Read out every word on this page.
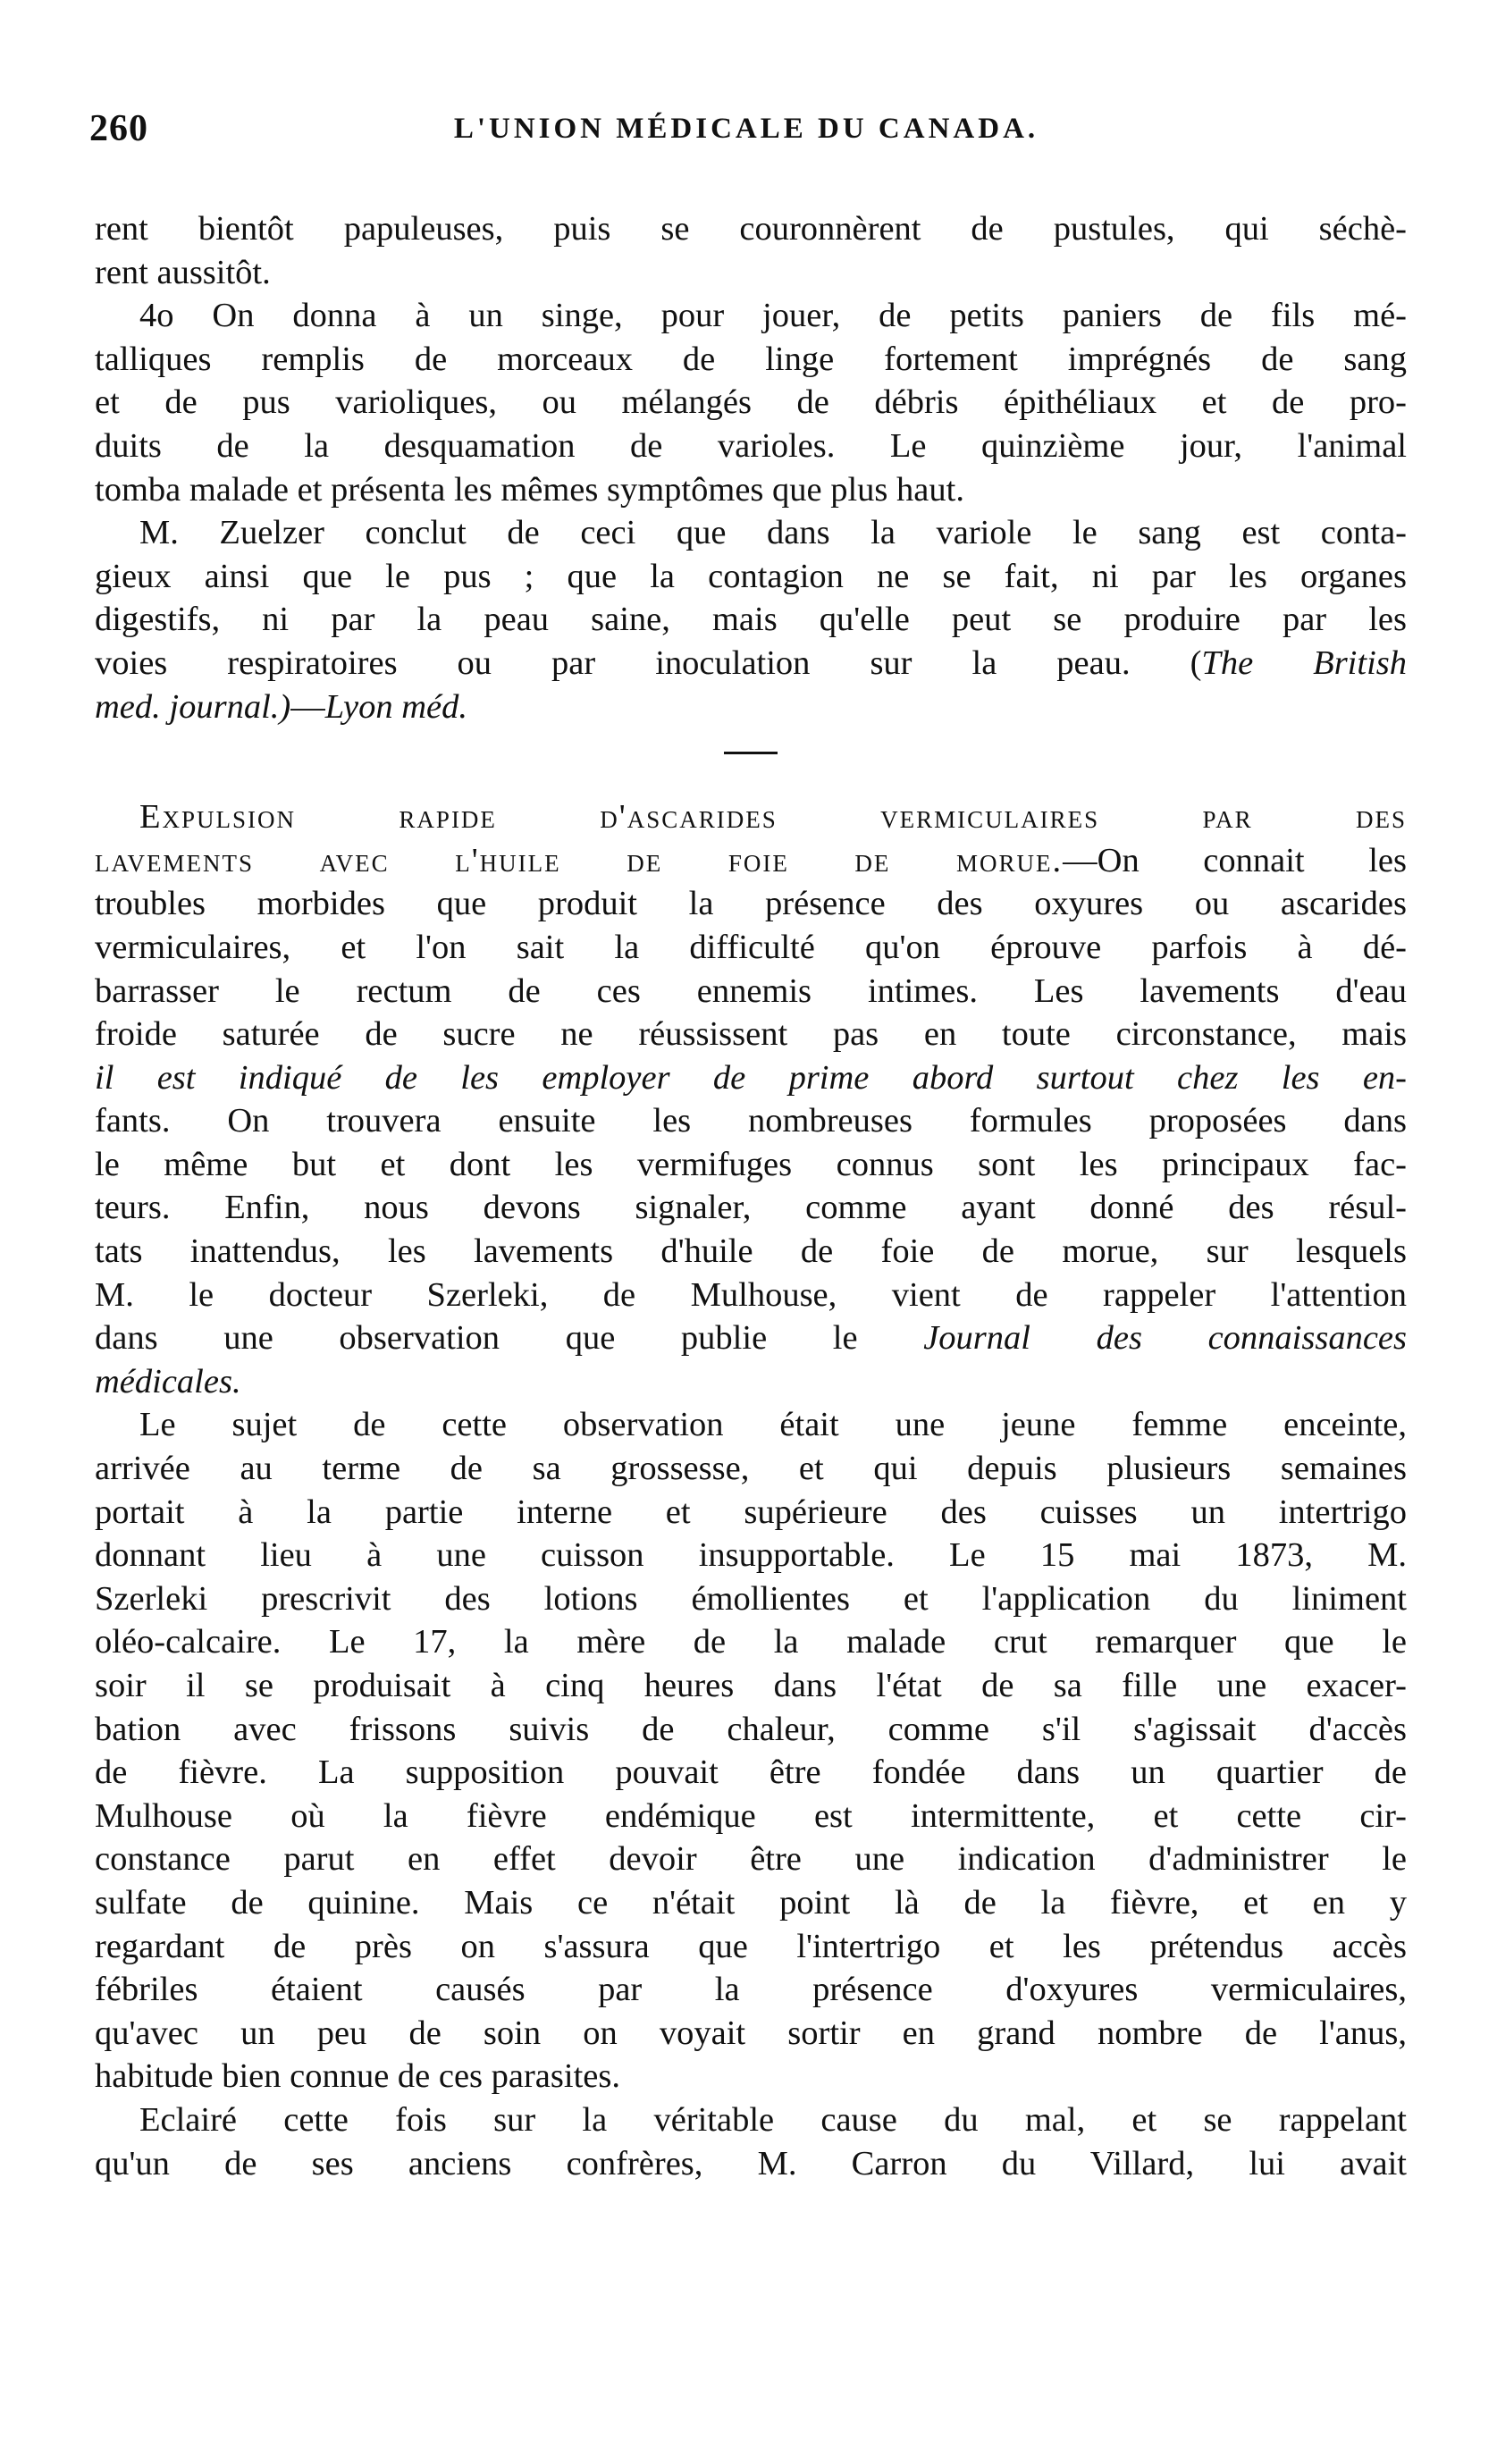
260	L'UNION MÉDICALE DU CANADA.
rent bientôt papuleuses, puis se couronnèrent de pustules, qui séchè-
rent aussitôt.
4o On donna à un singe, pour jouer, de petits paniers de fils mé-
talliques remplis de morceaux de linge fortement imprégnés de sang
et de pus varioliques, ou mélangés de débris épithéliaux et de pro-
duits de la desquamation de varioles. Le quinzième jour, l'animal
tomba malade et présenta les mêmes symptômes que plus haut.
M. Zuelzer conclut de ceci que dans la variole le sang est conta-
gieux ainsi que le pus ; que la contagion ne se fait, ni par les organes
digestifs, ni par la peau saine, mais qu'elle peut se produire par les
voies respiratoires ou par inoculation sur la peau. (The British
med. journal.)—Lyon méd.
Expulsion rapide d'ascarides vermiculaires par des
lavements avec l'huile de foie de morue.—On connait les
troubles morbides que produit la présence des oxyures ou ascarides
vermiculaires, et l'on sait la difficulté qu'on éprouve parfois à dé-
barrasser le rectum de ces ennemis intimes. Les lavements d'eau
froide saturée de sucre ne réussissent pas en toute circonstance, mais
il est indiqué de les employer de prime abord surtout chez les en-
fants. On trouvera ensuite les nombreuses formules proposées dans
le même but et dont les vermifuges connus sont les principaux fac-
teurs. Enfin, nous devons signaler, comme ayant donné des résul-
tats inattendus, les lavements d'huile de foie de morue, sur lesquels
M. le docteur Szerleki, de Mulhouse, vient de rappeler l'attention
dans une observation que publie le Journal des connaissances
médicales.
Le sujet de cette observation était une jeune femme enceinte,
arrivée au terme de sa grossesse, et qui depuis plusieurs semaines
portait à la partie interne et supérieure des cuisses un intertrigo
donnant lieu à une cuisson insupportable. Le 15 mai 1873, M.
Szerleki prescrivit des lotions émollientes et l'application du liniment
oléo-calcaire. Le 17, la mère de la malade crut remarquer que le
soir il se produisait à cinq heures dans l'état de sa fille une exacer-
bation avec frissons suivis de chaleur, comme s'il s'agissait d'accès
de fièvre. La supposition pouvait être fondée dans un quartier de
Mulhouse où la fièvre endémique est intermittente, et cette cir-
constance parut en effet devoir être une indication d'administrer le
sulfate de quinine. Mais ce n'était point là de la fièvre, et en y
regardant de près on s'assura que l'intertrigo et les prétendus accès
fébriles étaient causés par la présence d'oxyures vermiculaires,
qu'avec un peu de soin on voyait sortir en grand nombre de l'anus,
habitude bien connue de ces parasites.
Eclairé cette fois sur la véritable cause du mal, et se rappelant
qu'un de ses anciens confrères, M. Carron du Villard, lui avait
